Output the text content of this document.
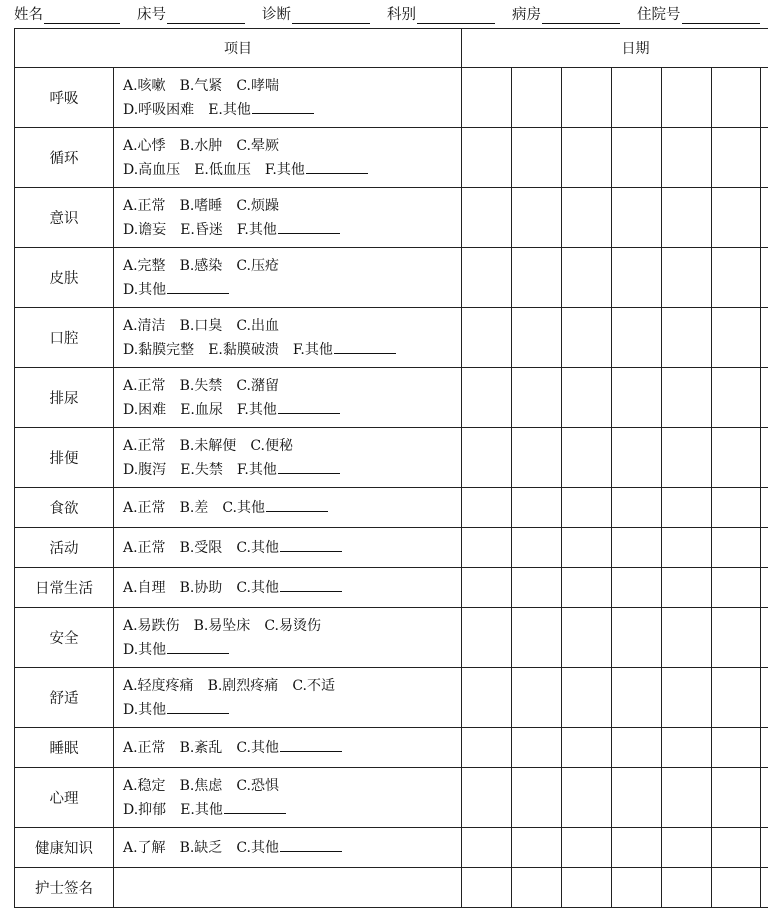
姓名	床号	诊断	科别	病房	住院号
项目		日期						
呼吸	A.咳嗽 B.气紧 C.哮喘
D.呼吸困难 E.其他							

循环	A.心悸 B.水肿 C.晕厥
D.高血压 E.低血压 F.其他							

意识	A.正常 B.嗜睡 C.烦躁
D.谵妄 E.昏迷 F.其他							

皮肤	A.完整 B.感染 C.压疮
D.其他							

口腔	A.清洁 B.口臭 C.出血
D.黏膜完整 E.黏膜破溃 F.其他							

排尿	A.正常 B.失禁 C.潴留
D.困难 E.血尿 F.其他							

排便	A.正常 B.未解便 C.便秘
D.腹泻 E.失禁 F.其他							

食欲	A.正常 B.差 C.其他							

活动	A.正常 B.受限 C.其他							

日常生活	A.自理 B.协助 C.其他							

安全	A.易跌伤 B.易坠床 C.易烫伤
D.其他							

舒适	A.轻度疼痛 B.剧烈疼痛 C.不适
D.其他							

睡眠	A.正常 B.紊乱 C.其他							

心理	A.稳定 B.焦虑 C.恐惧
D.抑郁 E.其他							

健康知识	A.了解 B.缺乏 C.其他							

护士签名								
